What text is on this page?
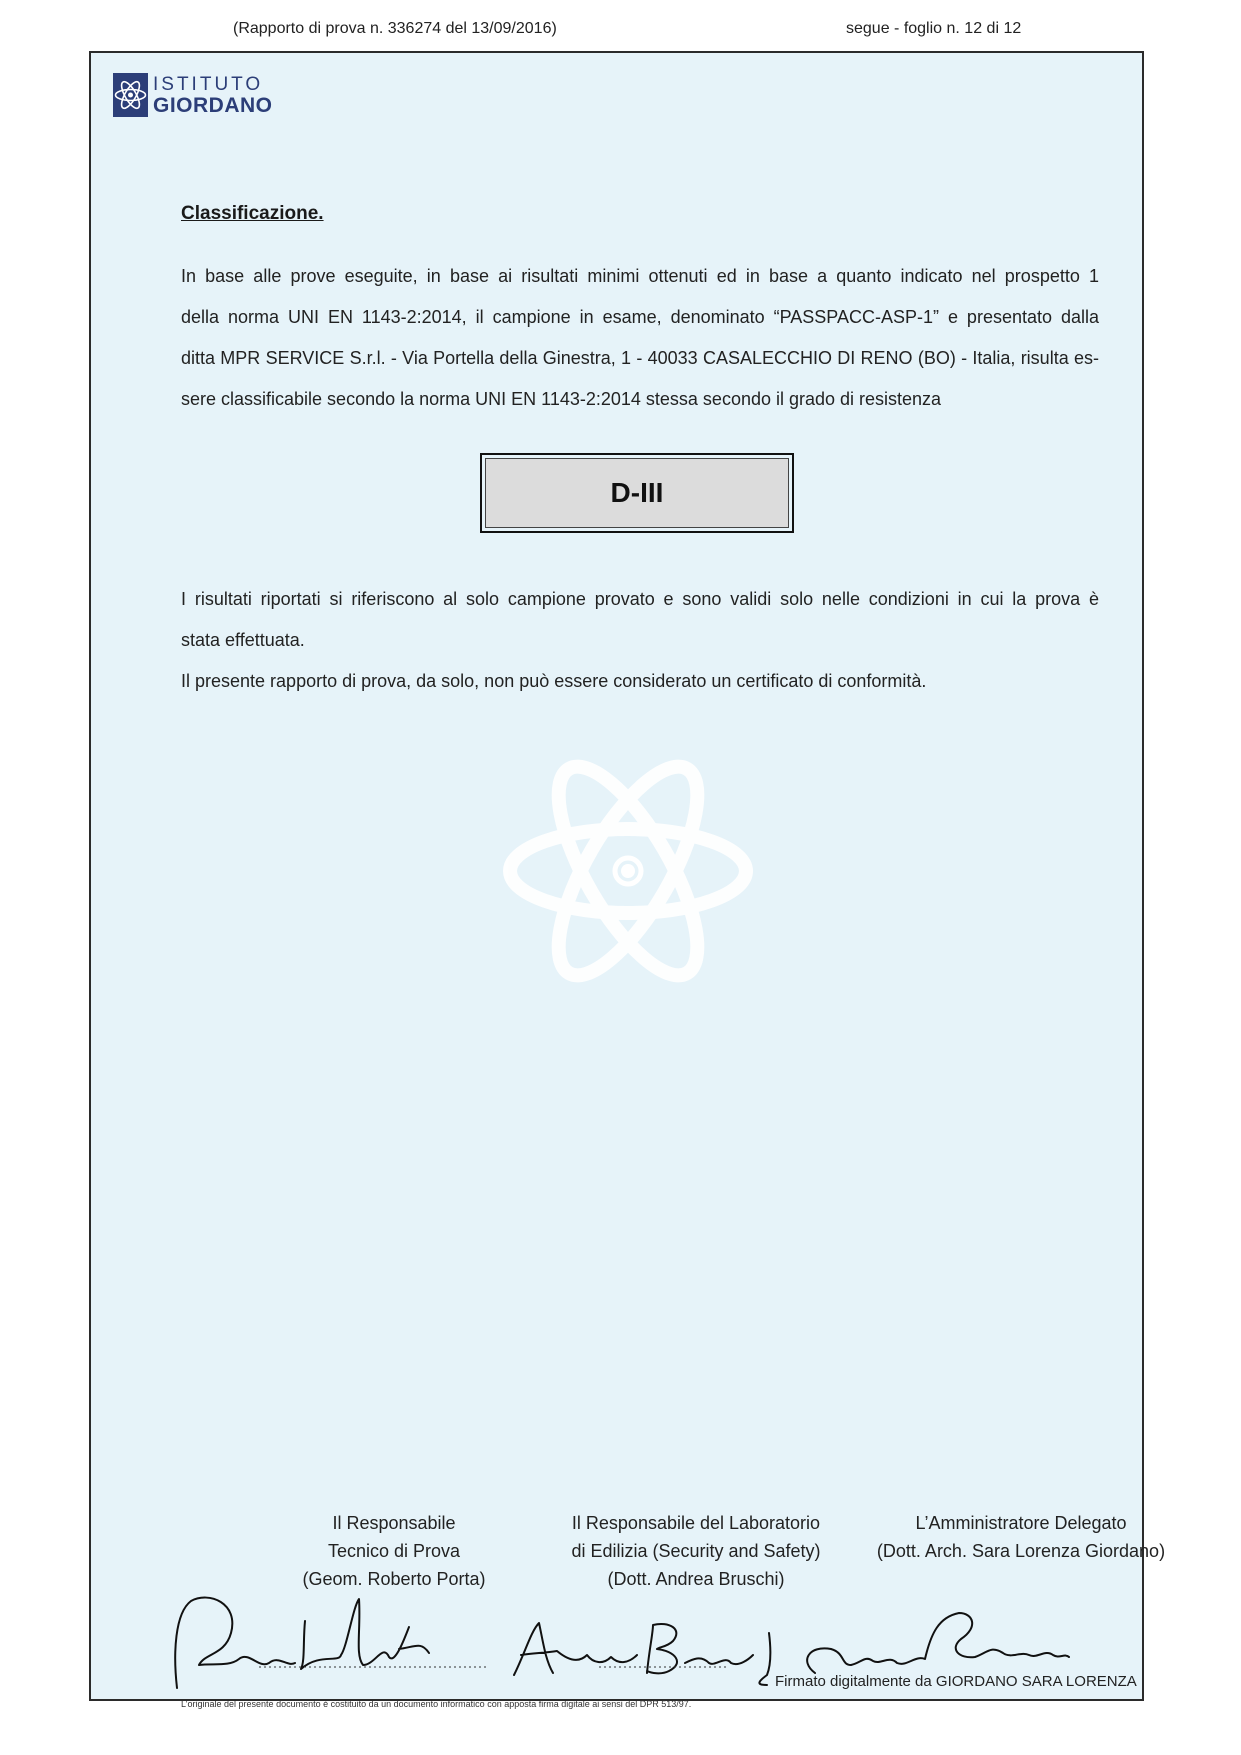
(Rapporto di prova n. 336274 del 13/09/2016)	segue - foglio n. 12 di 12
ISTITUTO
GIORDANO
Classificazione.
In base alle prove eseguite, in base ai risultati minimi ottenuti ed in base a quanto indicato nel prospetto 1
della norma UNI EN 1143-2:2014, il campione in esame, denominato “PASSPACC-ASP-1” e presentato dalla
ditta MPR SERVICE S.r.l. - Via Portella della Ginestra, 1 - 40033 CASALECCHIO DI RENO (BO) - Italia, risulta es-
sere classificabile secondo la norma UNI EN 1143-2:2014 stessa secondo il grado di resistenza
D-III
I risultati riportati si riferiscono al solo campione provato e sono validi solo nelle condizioni in cui la prova è
stata effettuata.
Il presente rapporto di prova, da solo, non può essere considerato un certificato di conformità.
Il Responsabile
Tecnico di Prova
(Geom. Roberto Porta)
Il Responsabile del Laboratorio
di Edilizia (Security and Safety)
(Dott. Andrea Bruschi)
L’Amministratore Delegato
(Dott. Arch. Sara Lorenza Giordano)
Firmato digitalmente da GIORDANO SARA LORENZA
L’originale del presente documento è costituito da un documento informatico con apposta firma digitale ai sensi del DPR 513/97.
